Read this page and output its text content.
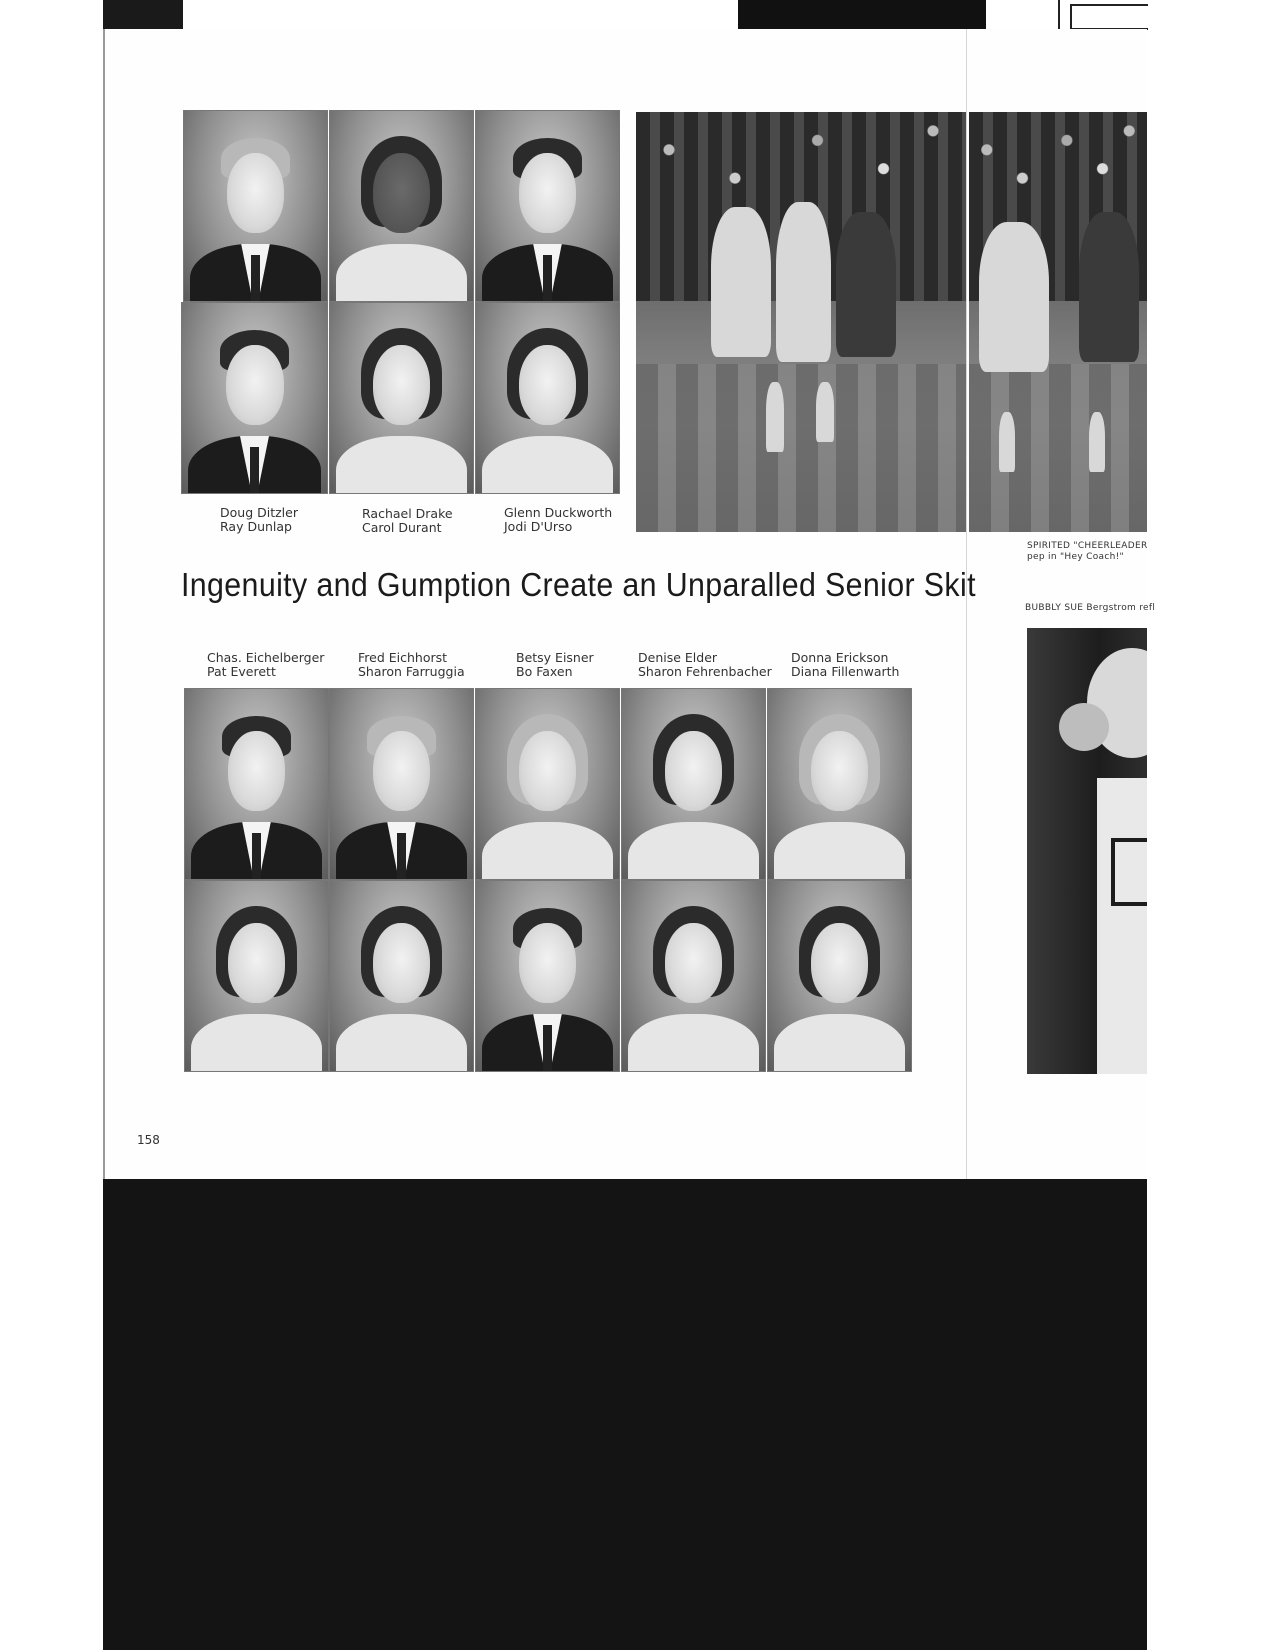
Doug Ditzler
Ray Dunlap
Rachael Drake
Carol Durant
Glenn Duckworth
Jodi D'Urso
SPIRITED "CHEERLEADER
pep in "Hey Coach!"
Ingenuity and Gumption Create an Unparalled Senior Skit
BUBBLY SUE Bergstrom refl
Chas. Eichelberger
Pat Everett
Fred Eichhorst
Sharon Farruggia
Betsy Eisner
Bo Faxen
Denise Elder
Sharon Fehrenbacher
Donna Erickson
Diana Fillenwarth
158
